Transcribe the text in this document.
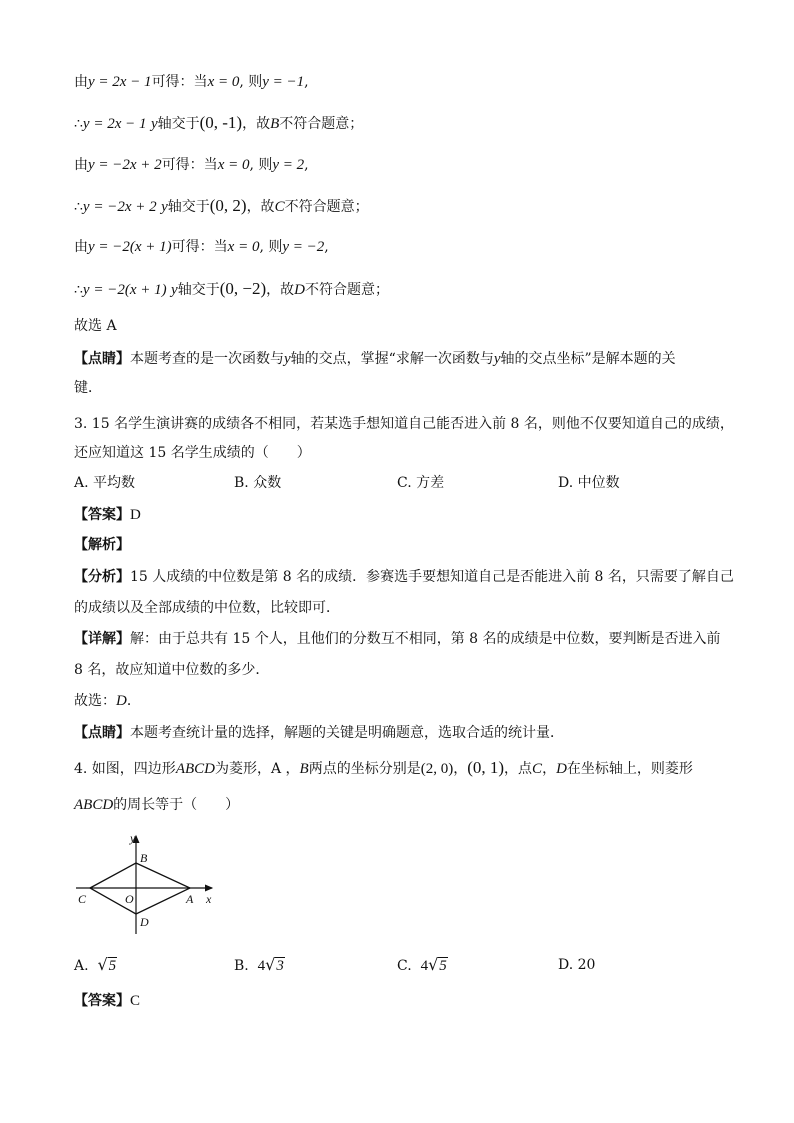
由y = 2x − 1可得：当x = 0, 则y = −1,
∴y = 2x − 1 y轴交于(0, -1)，故B不符合题意；
由y = −2x + 2可得：当x = 0, 则y = 2,
∴y = −2x + 2 y轴交于(0, 2)，故C不符合题意；
由y = −2(x + 1)可得：当x = 0, 则y = −2,
∴y = −2(x + 1) y轴交于(0, −2)，故D不符合题意；
故选 A
【点睛】本题考查的是一次函数与y轴的交点，掌握“求解一次函数与y轴的交点坐标”是解本题的关
键．
3. 15 名学生演讲赛的成绩各不相同，若某选手想知道自己能否进入前 8 名，则他不仅要知道自己的成绩，
还应知道这 15 名学生成绩的（　　）
A. 平均数	B. 众数	C. 方差	D. 中位数
【答案】D
【解析】
【分析】15 人成绩的中位数是第 8 名的成绩．参赛选手要想知道自己是否能进入前 8 名，只需要了解自己
的成绩以及全部成绩的中位数，比较即可．
【详解】解：由于总共有 15 个人，且他们的分数互不相同，第 8 名的成绩是中位数，要判断是否进入前
8 名，故应知道中位数的多少．
故选：D．
【点睛】本题考查统计量的选择，解题的关键是明确题意，选取合适的统计量．
4. 如图，四边形ABCD为菱形，A ，B两点的坐标分别是(2, 0)，(0, 1)，点C，D在坐标轴上，则菱形
ABCD的周长等于（　　）
y
B
C	O	A x
D
A. √5	B. 4√3	C. 4√5	D. 20
【答案】C
